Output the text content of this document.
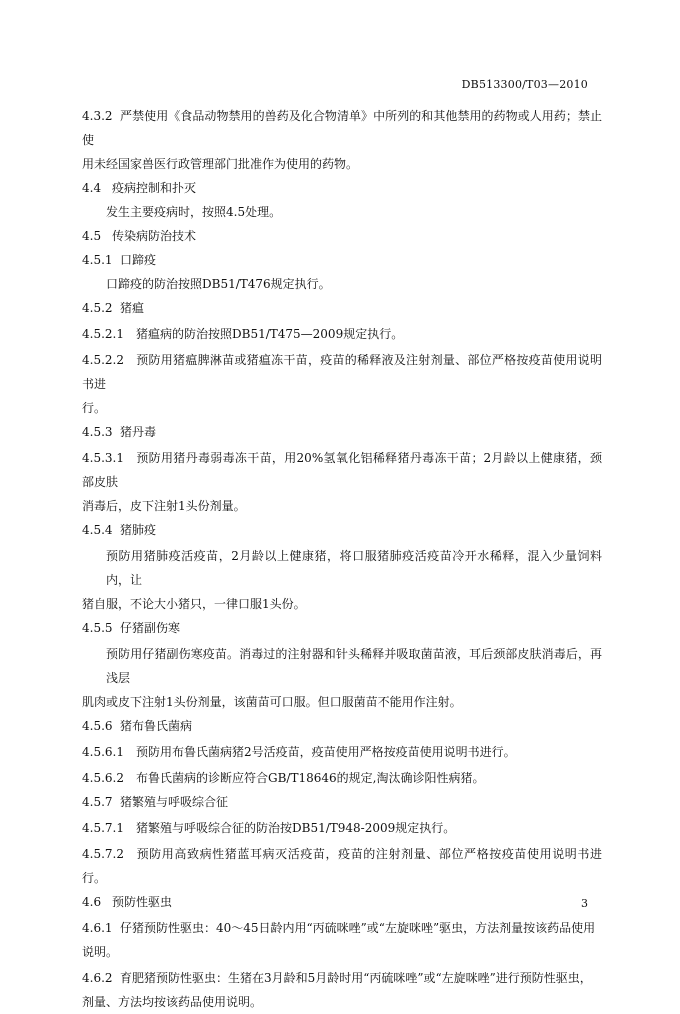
DB513300/T03—2010

4.3.2 严禁使用《食品动物禁用的兽药及化合物清单》中所列的和其他禁用的药物或人用药；禁止使

用未经国家兽医行政管理部门批准作为使用的药物。

4.4 疫病控制和扑灭

发生主要疫病时，按照4.5处理。

4.5 传染病防治技术

4.5.1 口蹄疫

口蹄疫的防治按照DB51/T476规定执行。

4.5.2 猪瘟

4.5.2.1 猪瘟病的防治按照DB51/T475—2009规定执行。

4.5.2.2 预防用猪瘟脾淋苗或猪瘟冻干苗，疫苗的稀释液及注射剂量、部位严格按疫苗使用说明书进

行。

4.5.3 猪丹毒

4.5.3.1 预防用猪丹毒弱毒冻干苗，用20%氢氧化铝稀释猪丹毒冻干苗；2月龄以上健康猪，颈部皮肤

消毒后，皮下注射1头份剂量。

4.5.4 猪肺疫

预防用猪肺疫活疫苗，2月龄以上健康猪，将口服猪肺疫活疫苗冷开水稀释，混入少量饲料内，让

猪自服，不论大小猪只，一律口服1头份。

4.5.5 仔猪副伤寒

预防用仔猪副伤寒疫苗。消毒过的注射器和针头稀释并吸取菌苗液，耳后颈部皮肤消毒后，再浅层

肌肉或皮下注射1头份剂量，该菌苗可口服。但口服菌苗不能用作注射。

4.5.6 猪布鲁氏菌病

4.5.6.1 预防用布鲁氏菌病猪2号活疫苗，疫苗使用严格按疫苗使用说明书进行。

4.5.6.2 布鲁氏菌病的诊断应符合GB/T18646的规定,淘汰确诊阳性病猪。

4.5.7 猪繁殖与呼吸综合征

4.5.7.1 猪繁殖与呼吸综合征的防治按DB51/T948-2009规定执行。

4.5.7.2 预防用高致病性猪蓝耳病灭活疫苗，疫苗的注射剂量、部位严格按疫苗使用说明书进行。

4.6 预防性驱虫

4.6.1 仔猪预防性驱虫：40～45日龄内用“丙硫咪唑”或“左旋咪唑”驱虫，方法剂量按该药品使用

说明。

4.6.2 育肥猪预防性驱虫：生猪在3月龄和5月龄时用“丙硫咪唑”或“左旋咪唑”进行预防性驱虫，

剂量、方法均按该药品使用说明。

3
